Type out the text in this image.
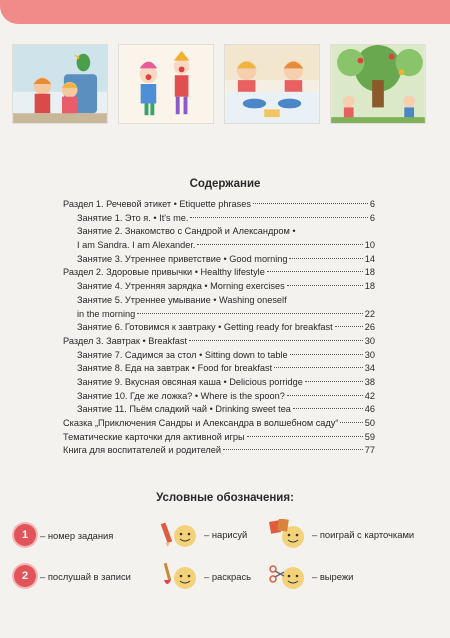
Содержание
Раздел 1. Речевой этикет • Etiquette phrases	6
Занятие 1. Это я. • It's me.	6
Занятие 2. Знакомство с Сандрой и Александром •
I am Sandra. I am Alexander.	10
Занятие 3. Утреннее приветствие • Good morning	14
Раздел 2. Здоровые привычки • Healthy lifestyle	18
Занятие 4. Утренняя зарядка • Morning exercises	18
Занятие 5. Утреннее умывание • Washing oneself
in the morning	22
Занятие 6. Готовимся к завтраку • Getting ready for breakfast	26
Раздел 3. Завтрак • Breakfast	30
Занятие 7. Садимся за стол • Sitting down to table	30
Занятие 8. Еда на завтрак • Food for breakfast	34
Занятие 9. Вкусная овсяная каша • Delicious porridge	38
Занятие 10. Где же ложка? • Where is the spoon?	42
Занятие 11. Пьём сладкий чай • Drinking sweet tea	46
Сказка „Приключения Сандры и Александра в волшебном саду“	50
Тематические карточки для активной игры	59
Книга для воспитателей и родителей	77
Условные обозначения:
1	– номер задания
2	– послушай в записи
– нарисуй
– раскрась
– поиграй с карточками
– вырежи
